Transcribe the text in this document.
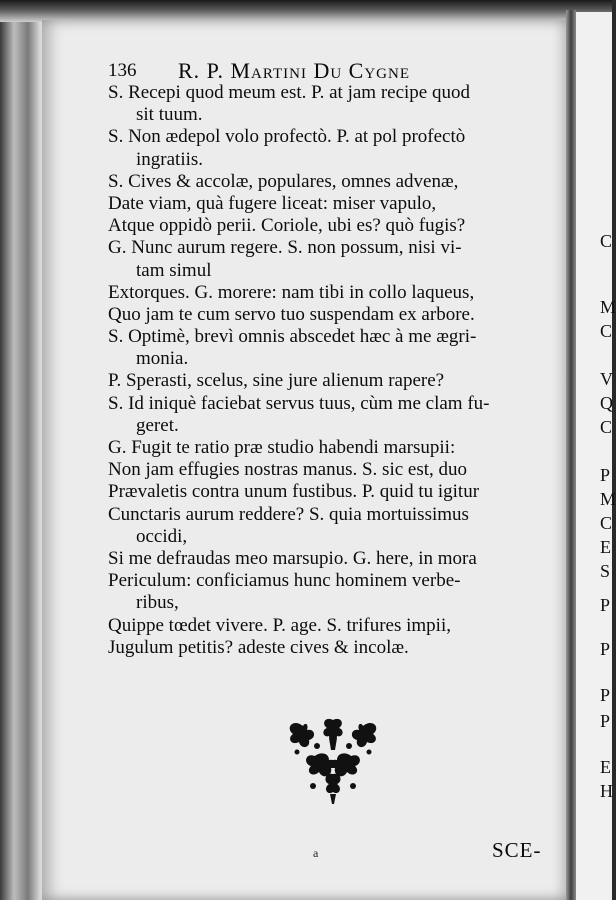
C
M
C
V
Q
C
P
M
C
E
S
P
P
P
P
E
H
136 R. P. Martini Du Cygne
S. Recepi quod meum est. P. at jam recipe quod
sit tuum.
S. Non ædepol volo profectò. P. at pol profectò
ingratiis.
S. Cives & accolæ, populares, omnes advenæ,
Date viam, quà fugere liceat: miser vapulo,
Atque oppidò perii. Coriole, ubi es? quò fugis?
G. Nunc aurum regere. S. non possum, nisi vi-
tam simul
Extorques. G. morere: nam tibi in collo laqueus,
Quo jam te cum servo tuo suspendam ex arbore.
S. Optimè, brevì omnis abscedet hæc à me ægri-
monia.
P. Sperasti, scelus, sine jure alienum rapere?
S. Id iniquè faciebat servus tuus, cùm me clam fu-
geret.
G. Fugit te ratio præ studio habendi marsupii:
Non jam effugies nostras manus. S. sic est, duo
Prævaletis contra unum fustibus. P. quid tu igitur
Cunctaris aurum reddere? S. quia mortuissimus
occidi,
Si me defraudas meo marsupio. G. here, in mora
Periculum: conficiamus hunc hominem verbe-
ribus,
Quippe tœdet vivere. P. age. S. trifures impii,
Jugulum petitis? adeste cives & incolæ.
a	SCE-
